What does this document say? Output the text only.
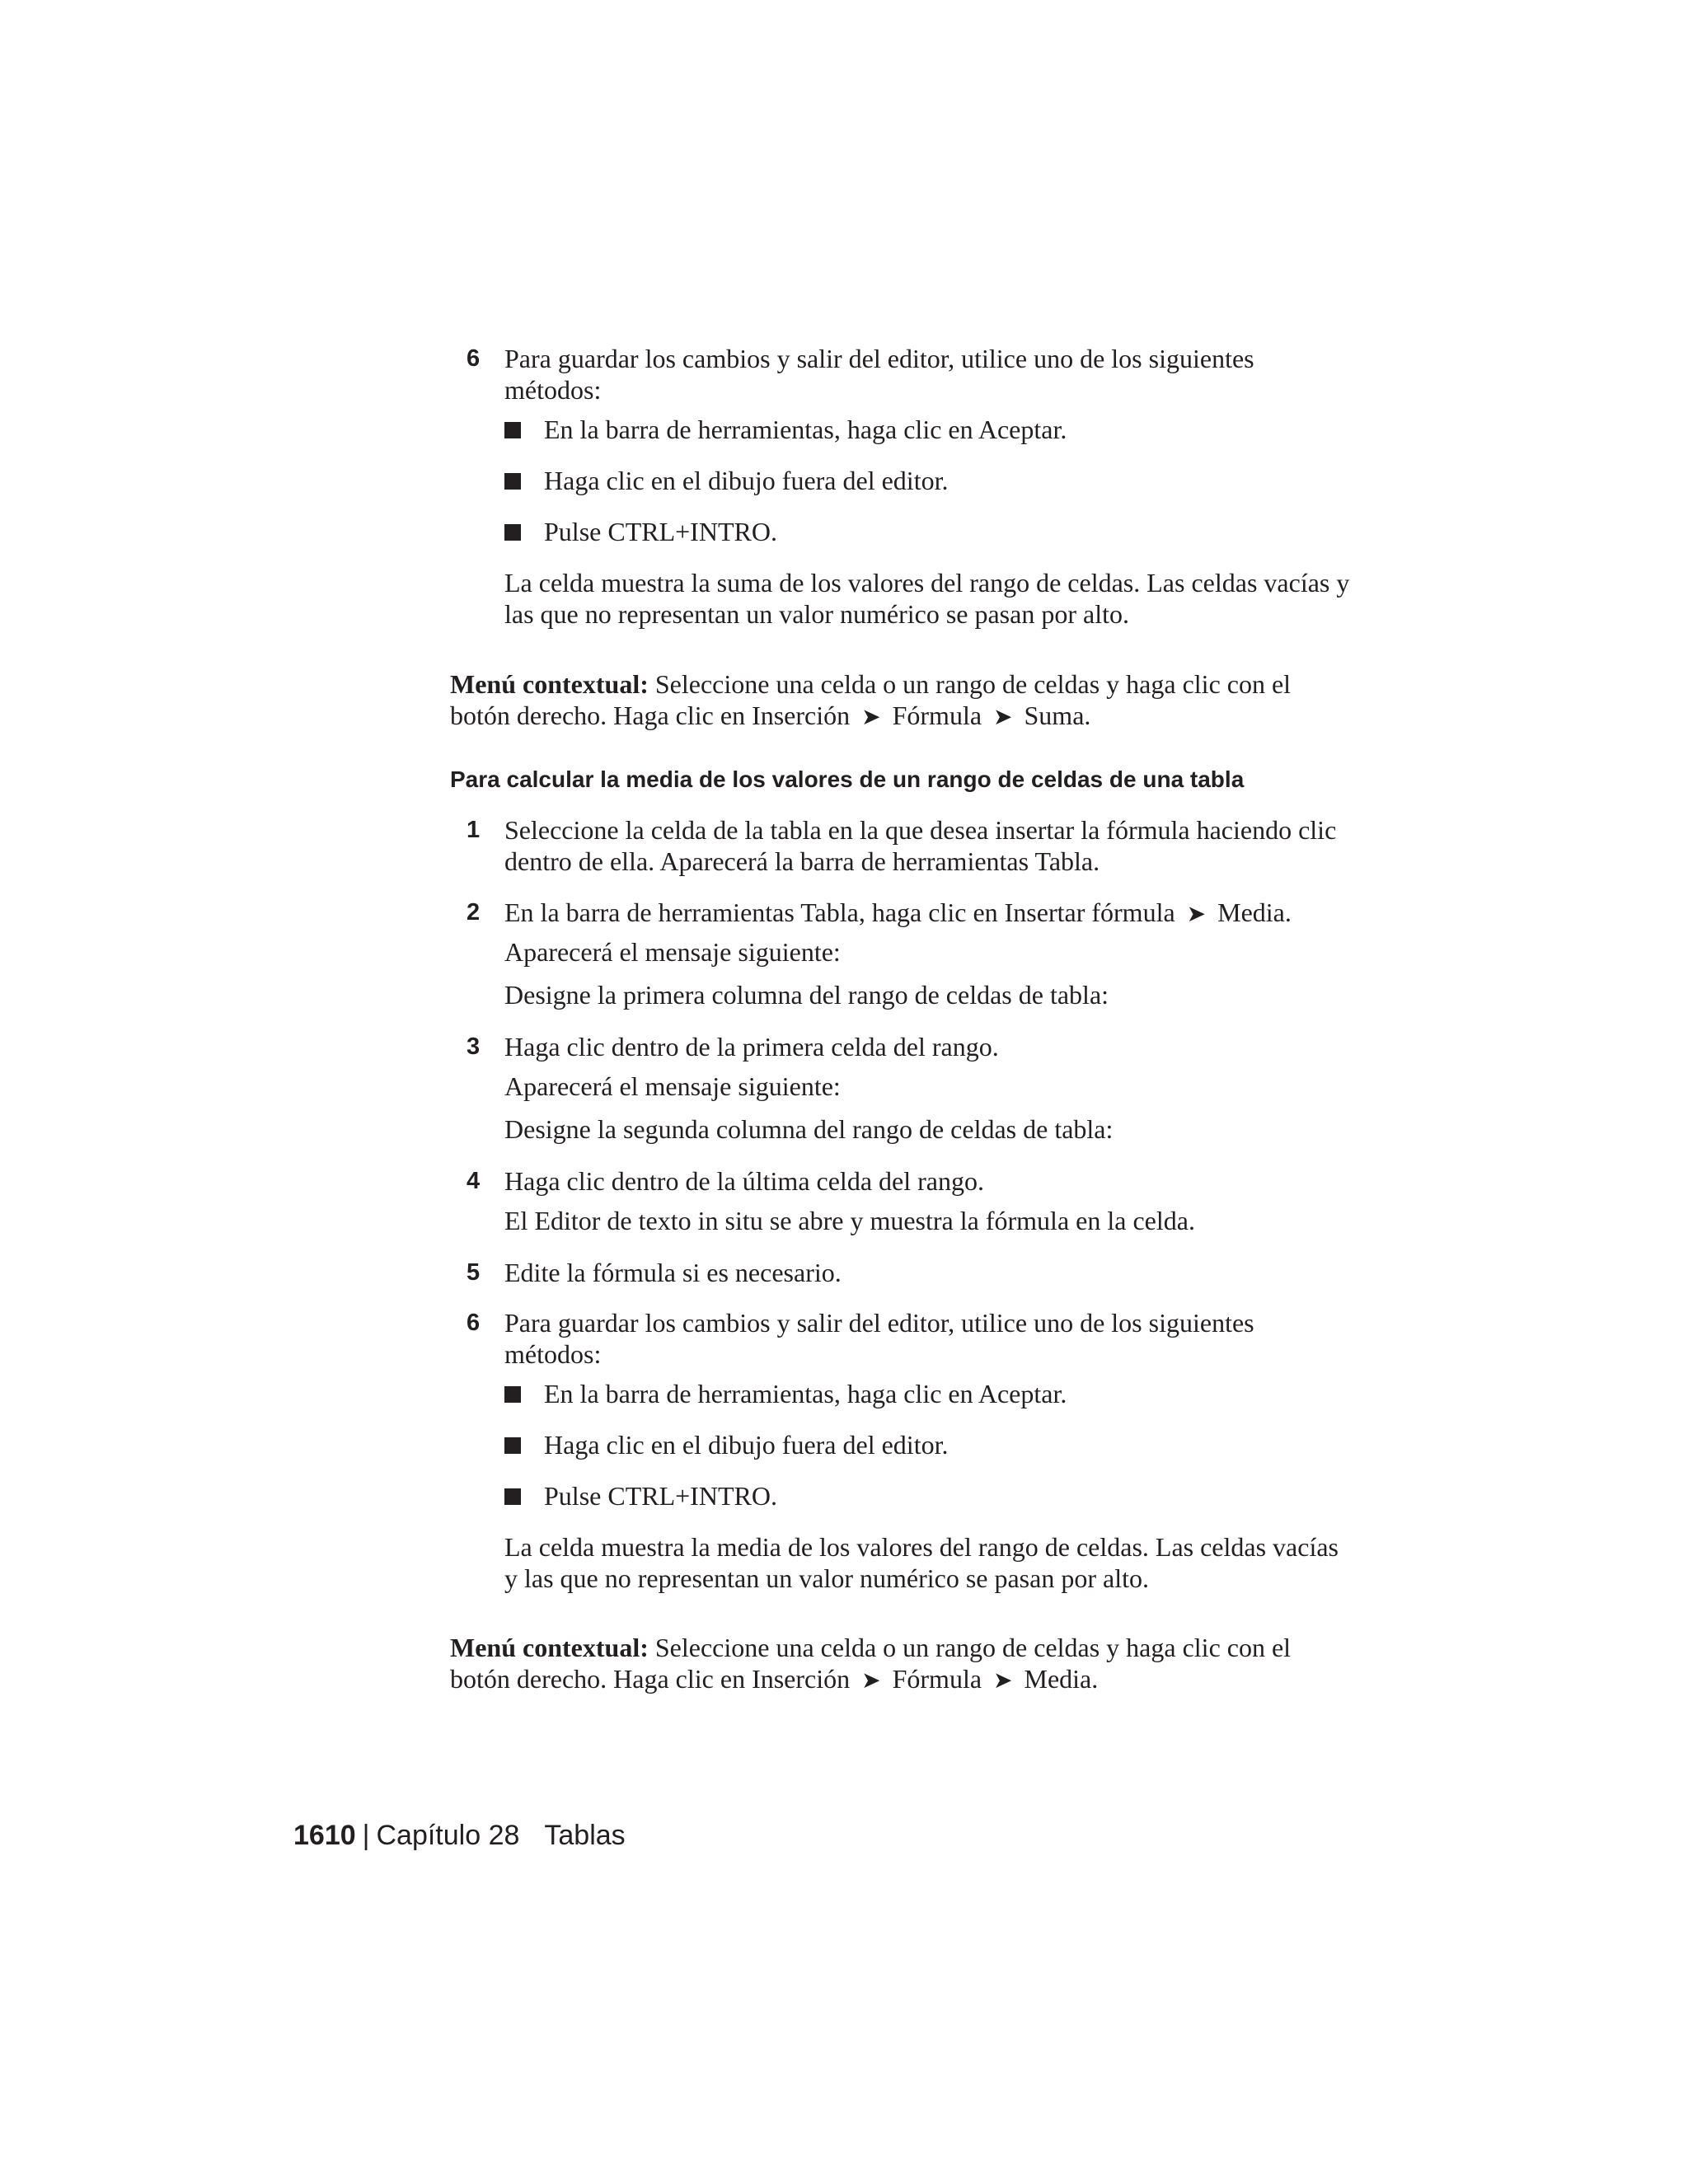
6 Para guardar los cambios y salir del editor, utilice uno de los siguientes métodos:
En la barra de herramientas, haga clic en Aceptar.
Haga clic en el dibujo fuera del editor.
Pulse CTRL+INTRO.
La celda muestra la suma de los valores del rango de celdas. Las celdas vacías y las que no representan un valor numérico se pasan por alto.
Menú contextual: Seleccione una celda o un rango de celdas y haga clic con el botón derecho. Haga clic en Inserción ➤ Fórmula ➤ Suma.
Para calcular la media de los valores de un rango de celdas de una tabla
1 Seleccione la celda de la tabla en la que desea insertar la fórmula haciendo clic dentro de ella. Aparecerá la barra de herramientas Tabla.
2 En la barra de herramientas Tabla, haga clic en Insertar fórmula ➤ Media.
Aparecerá el mensaje siguiente:
Designe la primera columna del rango de celdas de tabla:
3 Haga clic dentro de la primera celda del rango.
Aparecerá el mensaje siguiente:
Designe la segunda columna del rango de celdas de tabla:
4 Haga clic dentro de la última celda del rango.
El Editor de texto in situ se abre y muestra la fórmula en la celda.
5 Edite la fórmula si es necesario.
6 Para guardar los cambios y salir del editor, utilice uno de los siguientes métodos:
En la barra de herramientas, haga clic en Aceptar.
Haga clic en el dibujo fuera del editor.
Pulse CTRL+INTRO.
La celda muestra la media de los valores del rango de celdas. Las celdas vacías y las que no representan un valor numérico se pasan por alto.
Menú contextual: Seleccione una celda o un rango de celdas y haga clic con el botón derecho. Haga clic en Inserción ➤ Fórmula ➤ Media.
1610 | Capítulo 28 Tablas
